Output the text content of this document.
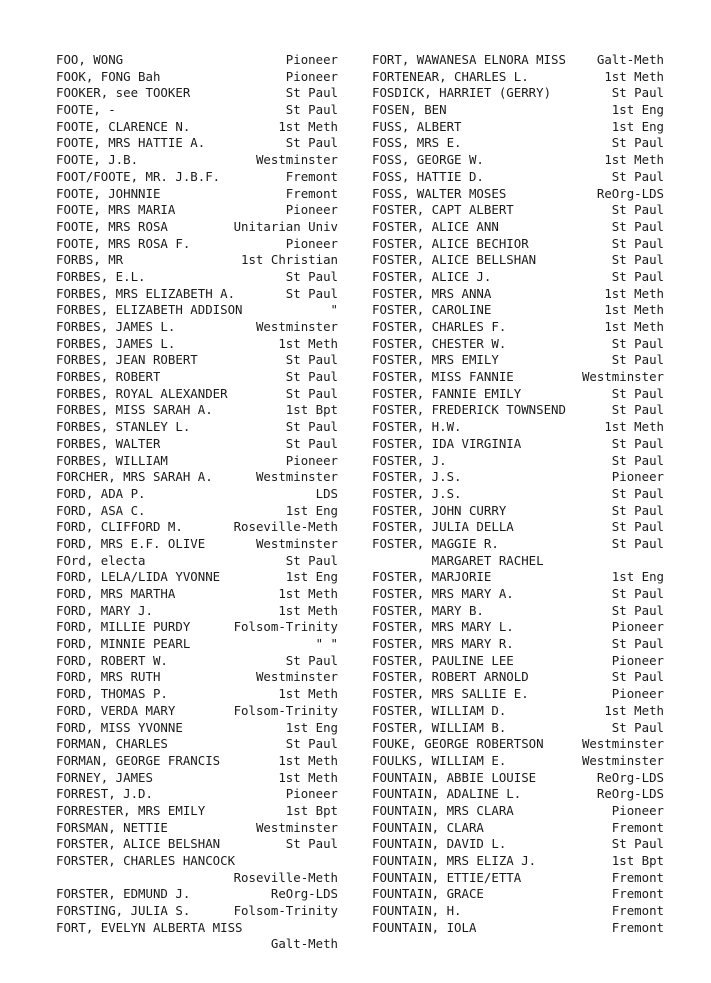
FOO, WONG	Pioneer
FOOK, FONG Bah	Pioneer
FOOKER, see TOOKER	St Paul
FOOTE, -	St Paul
FOOTE, CLARENCE N.	1st Meth
FOOTE, MRS HATTIE A.	St Paul
FOOTE, J.B.	Westminster
FOOT/FOOTE, MR. J.B.F.	Fremont
FOOTE, JOHNNIE	Fremont
FOOTE, MRS MARIA	Pioneer
FOOTE, MRS ROSA	Unitarian Univ
FOOTE, MRS ROSA F.	Pioneer
FORBS, MR	1st Christian
FORBES, E.L.	St Paul
FORBES, MRS ELIZABETH A.	St Paul
FORBES, ELIZABETH ADDISON	"
FORBES, JAMES L.	Westminster
FORBES, JAMES L.	1st Meth
FORBES, JEAN ROBERT	St Paul
FORBES, ROBERT	St Paul
FORBES, ROYAL ALEXANDER	St Paul
FORBES, MISS SARAH A.	1st Bpt
FORBES, STANLEY L.	St Paul
FORBES, WALTER	St Paul
FORBES, WILLIAM	Pioneer
FORCHER, MRS SARAH A.	Westminster
FORD, ADA P.	LDS
FORD, ASA C.	1st Eng
FORD, CLIFFORD M.	Roseville-Meth
FORD, MRS E.F. OLIVE	Westminster
FOrd, electa	St Paul
FORD, LELA/LIDA YVONNE	1st Eng
FORD, MRS MARTHA	1st Meth
FORD, MARY J.	1st Meth
FORD, MILLIE PURDY	Folsom-Trinity
FORD, MINNIE PEARL	" "
FORD, ROBERT W.	St Paul
FORD, MRS RUTH	Westminster
FORD, THOMAS P.	1st Meth
FORD, VERDA MARY	Folsom-Trinity
FORD, MISS YVONNE	1st Eng
FORMAN, CHARLES	St Paul
FORMAN, GEORGE FRANCIS	1st Meth
FORNEY, JAMES	1st Meth
FORREST, J.D.	Pioneer
FORRESTER, MRS EMILY	1st Bpt
FORSMAN, NETTIE	Westminster
FORSTER, ALICE BELSHAN	St Paul
FORSTER, CHARLES HANCOCK
Roseville-Meth
FORSTER, EDMUND J.	ReOrg-LDS
FORSTING, JULIA S.	Folsom-Trinity
FORT, EVELYN ALBERTA MISS
Galt-Meth
FORT, WAWANESA ELNORA MISS	Galt-Meth
FORTENEAR, CHARLES L.	1st Meth
FOSDICK, HARRIET (GERRY)	St Paul
FOSEN, BEN	1st Eng
FUSS, ALBERT	1st Eng
FOSS, MRS E.	St Paul
FOSS, GEORGE W.	1st Meth
FOSS, HATTIE D.	St Paul
FOSS, WALTER MOSES	ReOrg-LDS
FOSTER, CAPT ALBERT	St Paul
FOSTER, ALICE ANN	St Paul
FOSTER, ALICE BECHIOR	St Paul
FOSTER, ALICE BELLSHAN	St Paul
FOSTER, ALICE J.	St Paul
FOSTER, MRS ANNA	1st Meth
FOSTER, CAROLINE	1st Meth
FOSTER, CHARLES F.	1st Meth
FOSTER, CHESTER W.	St Paul
FOSTER, MRS EMILY	St Paul
FOSTER, MISS FANNIE	Westminster
FOSTER, FANNIE EMILY	St Paul
FOSTER, FREDERICK TOWNSEND	St Paul
FOSTER, H.W.	1st Meth
FOSTER, IDA VIRGINIA	St Paul
FOSTER, J.	St Paul
FOSTER, J.S.	Pioneer
FOSTER, J.S.	St Paul
FOSTER, JOHN CURRY	St Paul
FOSTER, JULIA DELLA	St Paul
FOSTER, MAGGIE R.	St Paul
MARGARET RACHEL
FOSTER, MARJORIE	1st Eng
FOSTER, MRS MARY A.	St Paul
FOSTER, MARY B.	St Paul
FOSTER, MRS MARY L.	Pioneer
FOSTER, MRS MARY R.	St Paul
FOSTER, PAULINE LEE	Pioneer
FOSTER, ROBERT ARNOLD	St Paul
FOSTER, MRS SALLIE E.	Pioneer
FOSTER, WILLIAM D.	1st Meth
FOSTER, WILLIAM B.	St Paul
FOUKE, GEORGE ROBERTSON	Westminster
FOULKS, WILLIAM E.	Westminster
FOUNTAIN, ABBIE LOUISE	ReOrg-LDS
FOUNTAIN, ADALINE L.	ReOrg-LDS
FOUNTAIN, MRS CLARA	Pioneer
FOUNTAIN, CLARA	Fremont
FOUNTAIN, DAVID L.	St Paul
FOUNTAIN, MRS ELIZA J.	1st Bpt
FOUNTAIN, ETTIE/ETTA	Fremont
FOUNTAIN, GRACE	Fremont
FOUNTAIN, H.	Fremont
FOUNTAIN, IOLA	Fremont
